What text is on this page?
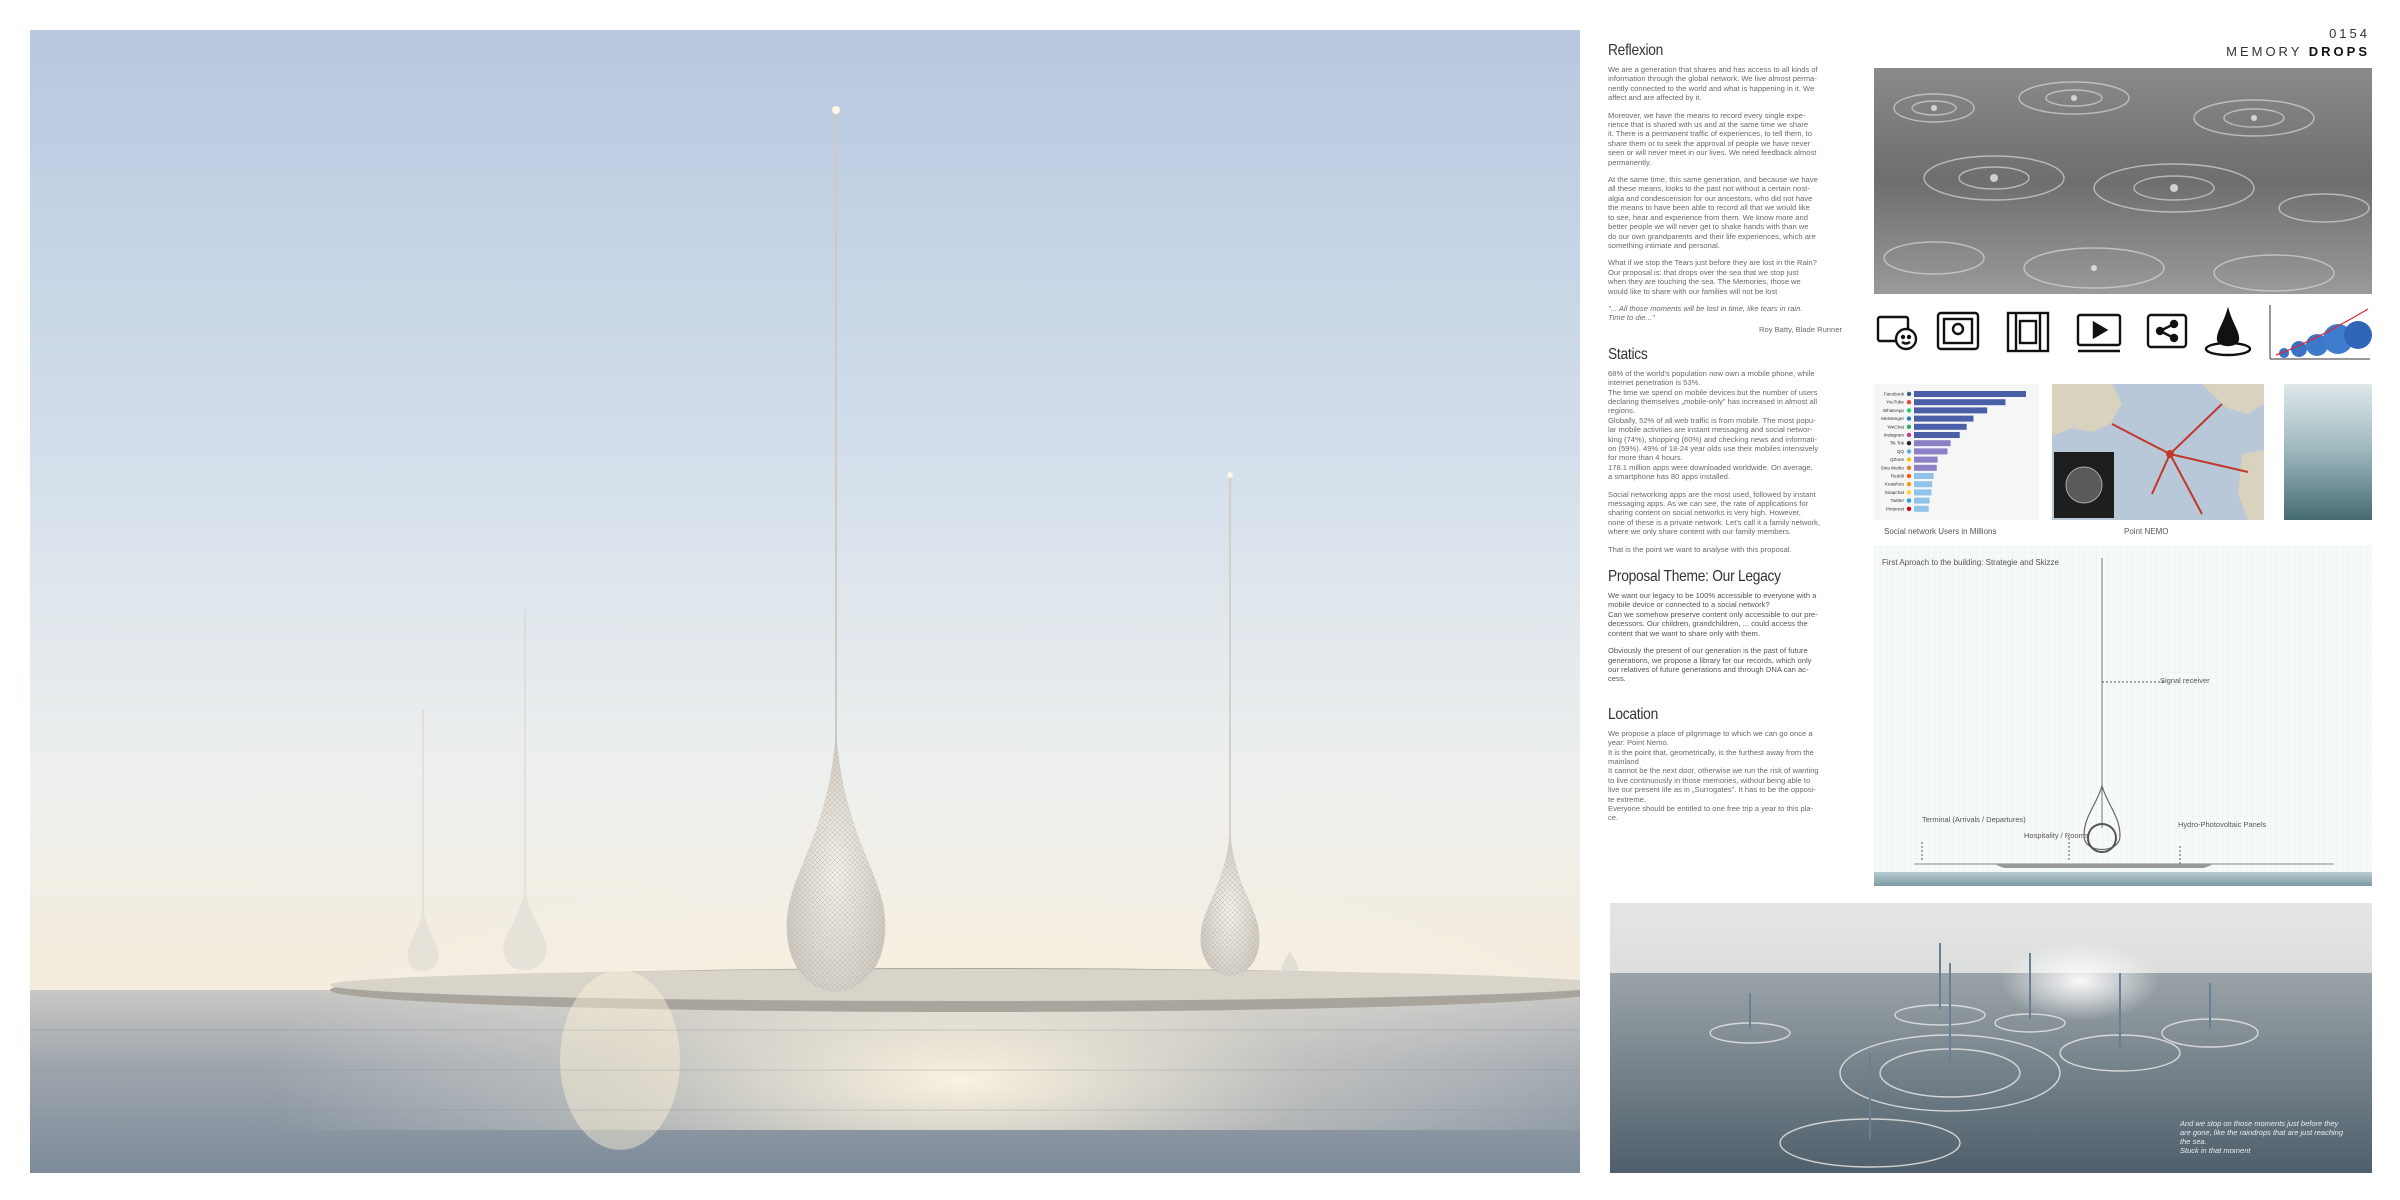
0154
MEMORY DROPS
Reflexion

We are a generation that shares and has access to all kinds of
information through the global network. We live almost perma-
nently connected to the world and what is happening in it. We
affect and are affected by it.

Moreover, we have the means to record every single expe-
rience that is shared with us and at the same time we share
it. There is a permanent traffic of experiences, to tell them, to
share them or to seek the approval of people we have never
seen or will never meet in our lives. We need feedback almost
permanently.

At the same time, this same generation, and because we have
all these means, looks to the past not without a certain nost-
algia and condescension for our ancestors, who did not have
the means to have been able to record all that we would like
to see, hear and experience from them. We know more and
better people we will never get to shake hands with than we
do our own grandparents and their life experiences, which are
something intimate and personal.

What if we stop the Tears just before they are lost in the Rain?
Our proposal is: that drops over the sea that we stop just
when they are touching the sea. The Memories, those we
would like to share with our families will not be lost

"... All those moments will be lost in time, like tears in rain.
Time to die..."

Roy Batty, Blade Runner

Statics

68% of the world's population now own a mobile phone, while
internet penetration is 53%.
The time we spend on mobile devices but the number of users
declaring themselves „mobile-only" has increased in almost all
regions.
Globally, 52% of all web traffic is from mobile. The most popu-
lar mobile activities are instant messaging and social networ-
king (74%), shopping (60%) and checking news and informati-
on (59%). 49% of 18-24 year olds use their mobiles intensively
for more than 4 hours.
178.1 million apps were downloaded worldwide. On average,
a smartphone has 80 apps installed.

Social networking apps are the most used, followed by instant
messaging apps. As we can see, the rate of applications for
sharing content on social networks is very high. However,
none of these is a private network. Let's call it a family network,
where we only share content with our family members.

That is the point we want to analyse with this proposal.

Proposal Theme: Our Legacy

We want our legacy to be 100% accessible to everyone with a
mobile device or connected to a social network?
Can we somehow preserve content only accessible to our pre-
decessors. Our children, grandchildren, ... could access the
content that we want to share only with them.

Obviously the present of our generation is the past of future
generations, we propose a library for our records, which only
our relatives of future generations and through DNA can ac-
cess.

Location

We propose a place of pilgrimage to which we can go once a
year: Point Nemo.
It is the point that, geometrically, is the furthest away from the
mainland
It cannot be the next door, otherwise we run the risk of wanting
to live continuously in those memories, without being able to
live our present life as in „Surrogates". It has to be the opposi-
te extreme.
Everyone should be entitled to one free trip a year to this pla-
ce.

Facebook
YouTube
WhatsApp
Messenger
WeChat
Instagram
Tik Tok
QQ
QZone
Sina Weibo
Reddit
Kuaishou
Snapchat
Twitter
Pinterest
Social network Users in Millions	Point NEMO
First Aproach to the building: Strategie and Skizze
Signal receiver
Terminal (Arrivals / Departures)
Hospitality / Rooms
Hydro-Photovoltaic Panels
And we stop on those moments just before they
are gone, like the raindrops that are just reaching
the sea.
Stuck in that moment
